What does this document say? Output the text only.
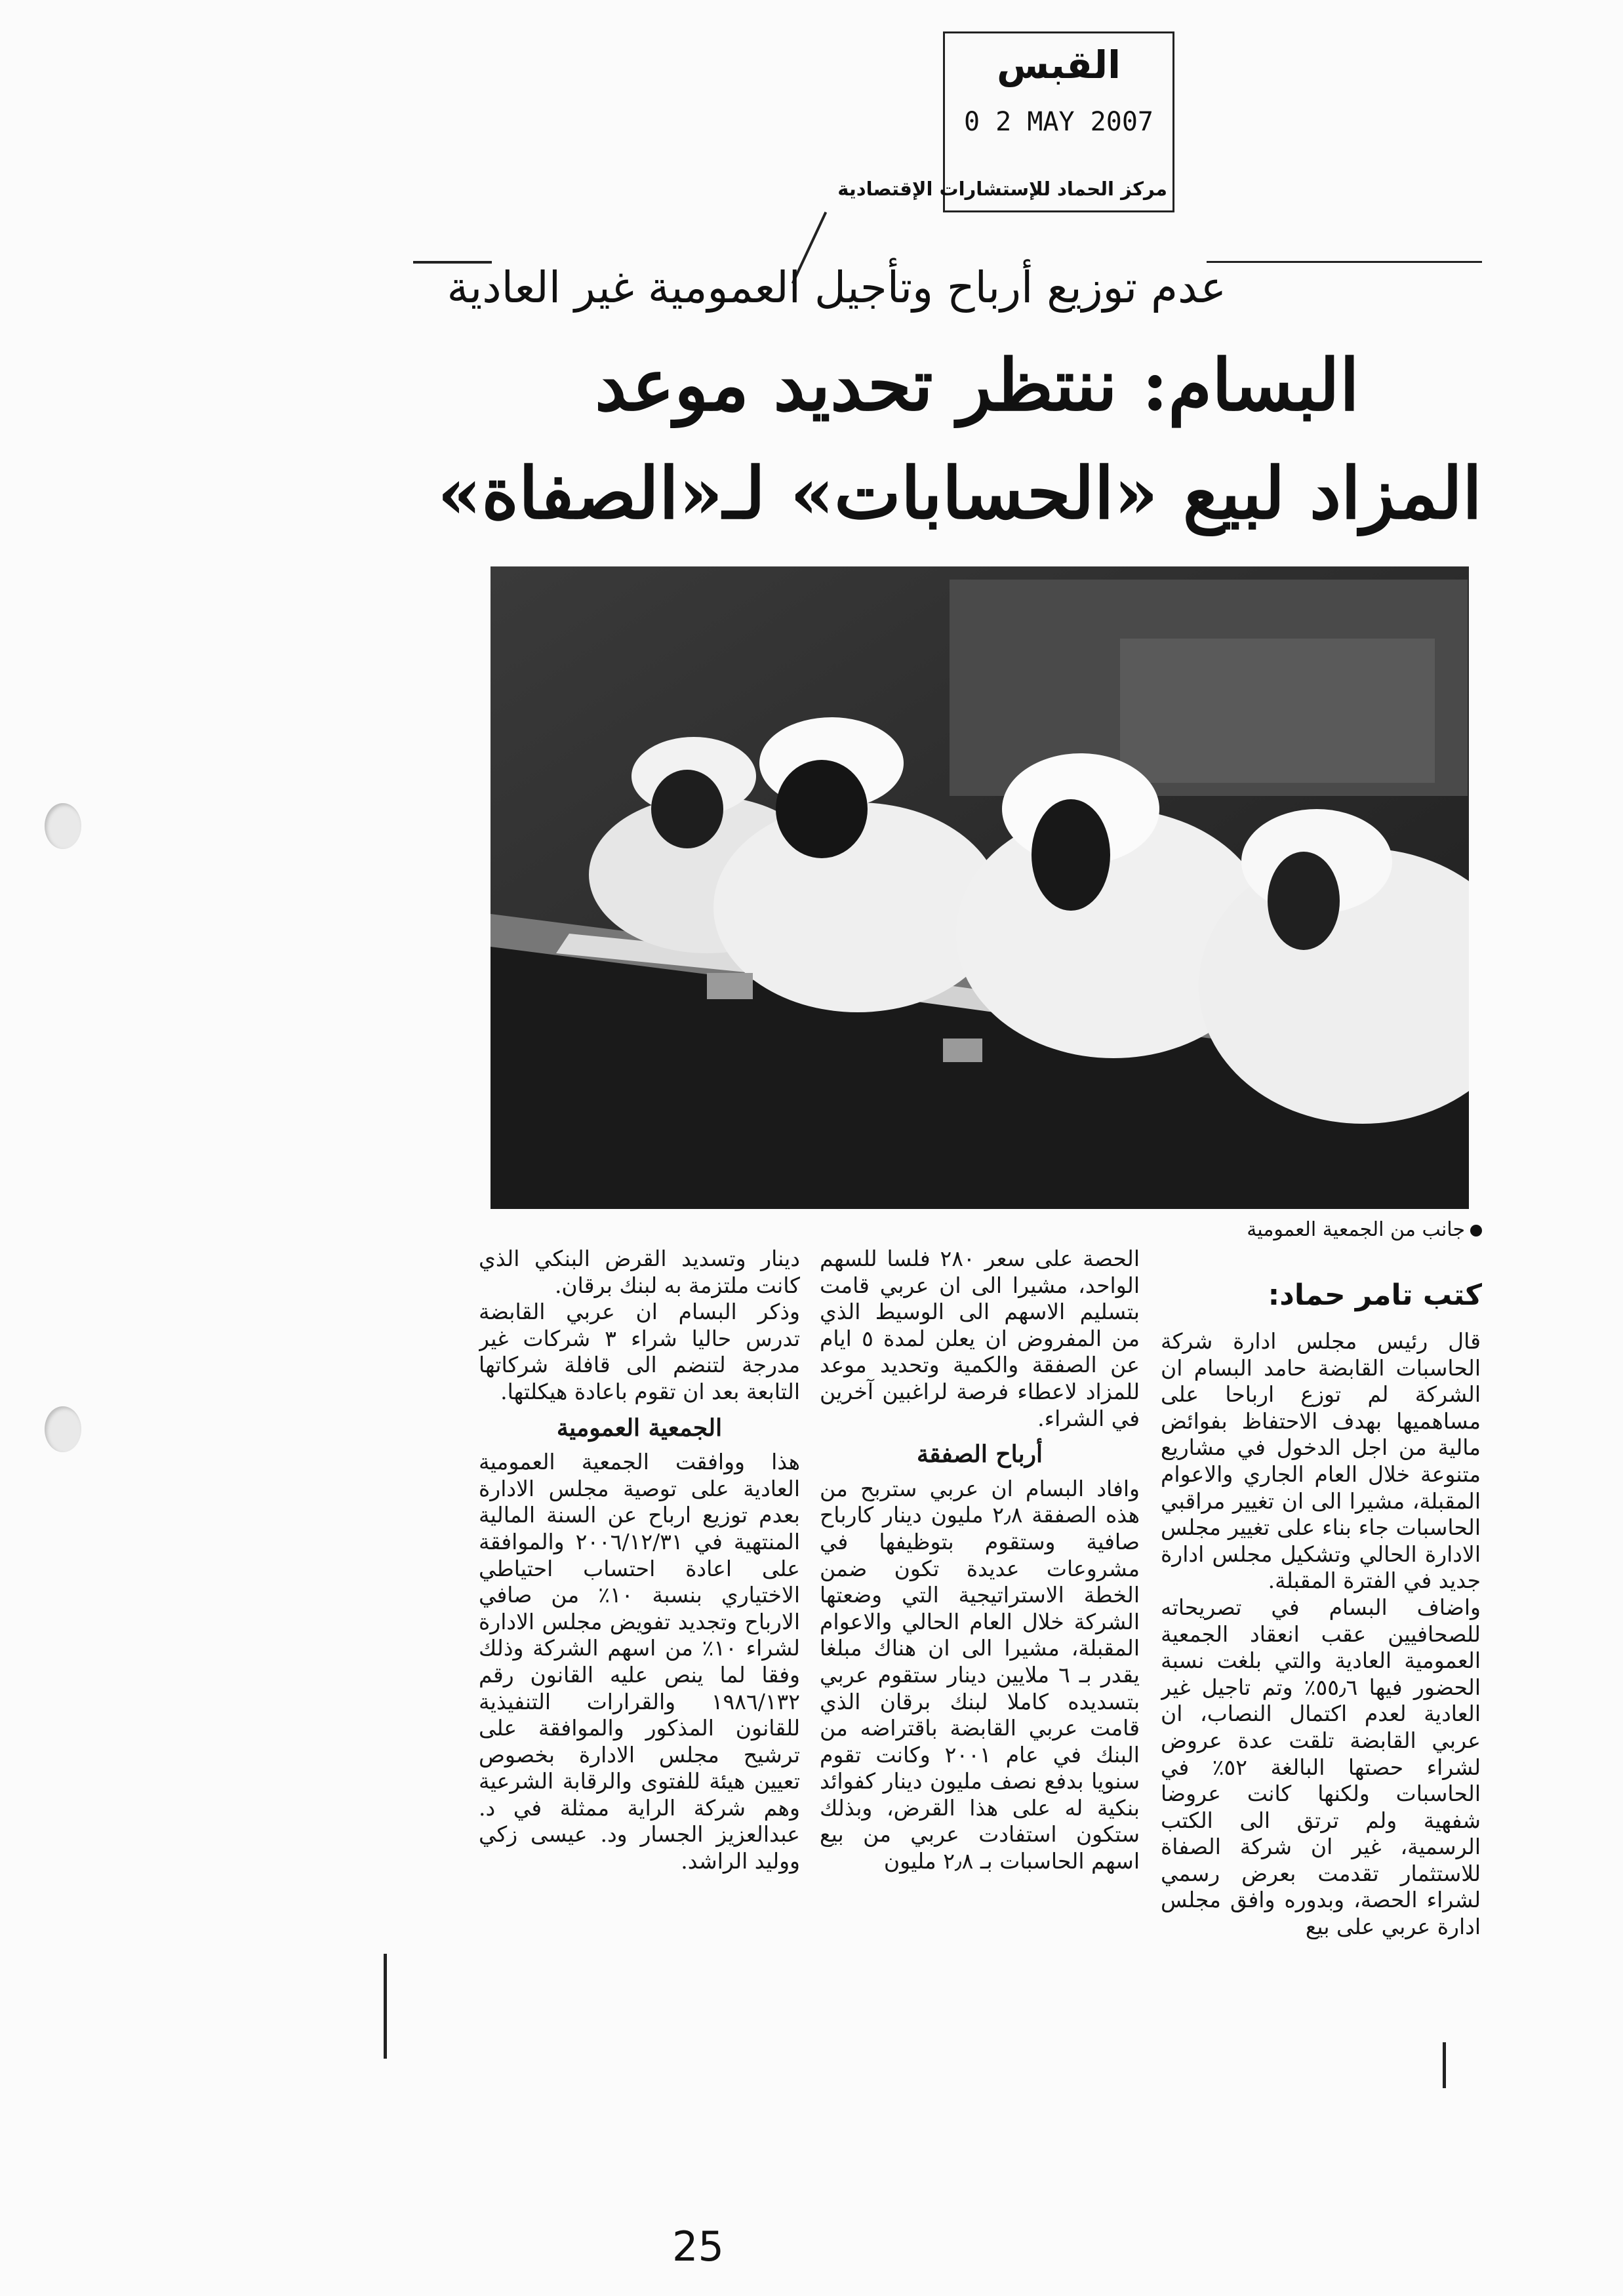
القبس
0 2 MAY 2007
مركز الحماد للإستشارات الإقتصادية
عدم توزيع أرباح وتأجيل العمومية غير العادية
البسام: ننتظر تحديد موعد
المزاد لبيع «الحسابات» لـ«الصفاة»
جانب من الجمعية العمومية
كتب تامر حماد:

قال رئيس مجلس ادارة شركة الحاسبات القابضة حامد البسام ان الشركة لم توزع ارباحا على مساهميها بهدف الاحتفاظ بفوائض مالية من اجل الدخول في مشاريع متنوعة خلال العام الجاري والاعوام المقبلة، مشيرا الى ان تغيير مراقبي الحاسبات جاء بناء على تغيير مجلس الادارة الحالي وتشكيل مجلس ادارة جديد في الفترة المقبلة.
واضاف البسام في تصريحاته للصحافيين عقب انعقاد الجمعية العمومية العادية والتي بلغت نسبة الحضور فيها ٥٥٫٦٪ وتم تاجيل غير العادية لعدم اكتمال النصاب، ان عربي القابضة تلقت عدة عروض لشراء حصتها البالغة ٥٢٪ في الحاسبات ولكنها كانت عروضا شفهية ولم ترتق الى الكتب الرسمية، غير ان شركة الصفاة للاستثمار تقدمت بعرض رسمي لشراء الحصة، وبدوره وافق مجلس ادارة عربي على بيع

الحصة على سعر ٢٨٠ فلسا للسهم الواحد، مشيرا الى ان عربي قامت بتسليم الاسهم الى الوسيط الذي من المفروض ان يعلن لمدة ٥ ايام عن الصفقة والكمية وتحديد موعد للمزاد لاعطاء فرصة لراغبين آخرين في الشراء.

أرباح الصفقة

وافاد البسام ان عربي ستربح من هذه الصفقة ٢٫٨ مليون دينار كارباح صافية وستقوم بتوظيفها في مشروعات عديدة تكون ضمن الخطة الاستراتيجية التي وضعتها الشركة خلال العام الحالي والاعوام المقبلة، مشيرا الى ان هناك مبلغا يقدر بـ ٦ ملايين دينار ستقوم عربي بتسديده كاملا لبنك برقان الذي قامت عربي القابضة باقتراضه من البنك في عام ٢٠٠١ وكانت تقوم سنويا بدفع نصف مليون دينار كفوائد بنكية له على هذا القرض، وبذلك ستكون استفادت عربي من بيع اسهم الحاسبات بـ ٢٫٨ مليون

دينار وتسديد القرض البنكي الذي كانت ملتزمة به لبنك برقان.
وذكر البسام ان عربي القابضة تدرس حاليا شراء ٣ شركات غير مدرجة لتنضم الى قافلة شركاتها التابعة بعد ان تقوم باعادة هيكلتها.

الجمعية العمومية

هذا ووافقت الجمعية العمومية العادية على توصية مجلس الادارة بعدم توزيع ارباح عن السنة المالية المنتهية في ٢٠٠٦/١٢/٣١ والموافقة على اعادة احتساب احتياطي الاختياري بنسبة ١٠٪ من صافي الارباح وتجديد تفويض مجلس الادارة لشراء ١٠٪ من اسهم الشركة وذلك وفقا لما ينص عليه القانون رقم ١٩٨٦/١٣٢ والقرارات التنفيذية للقانون المذكور والموافقة على ترشيح مجلس الادارة بخصوص تعيين هيئة للفتوى والرقابة الشرعية وهم شركة الراية ممثلة في د. عبدالعزيز الجسار ود. عيسى زكي ووليد الراشد.

25
